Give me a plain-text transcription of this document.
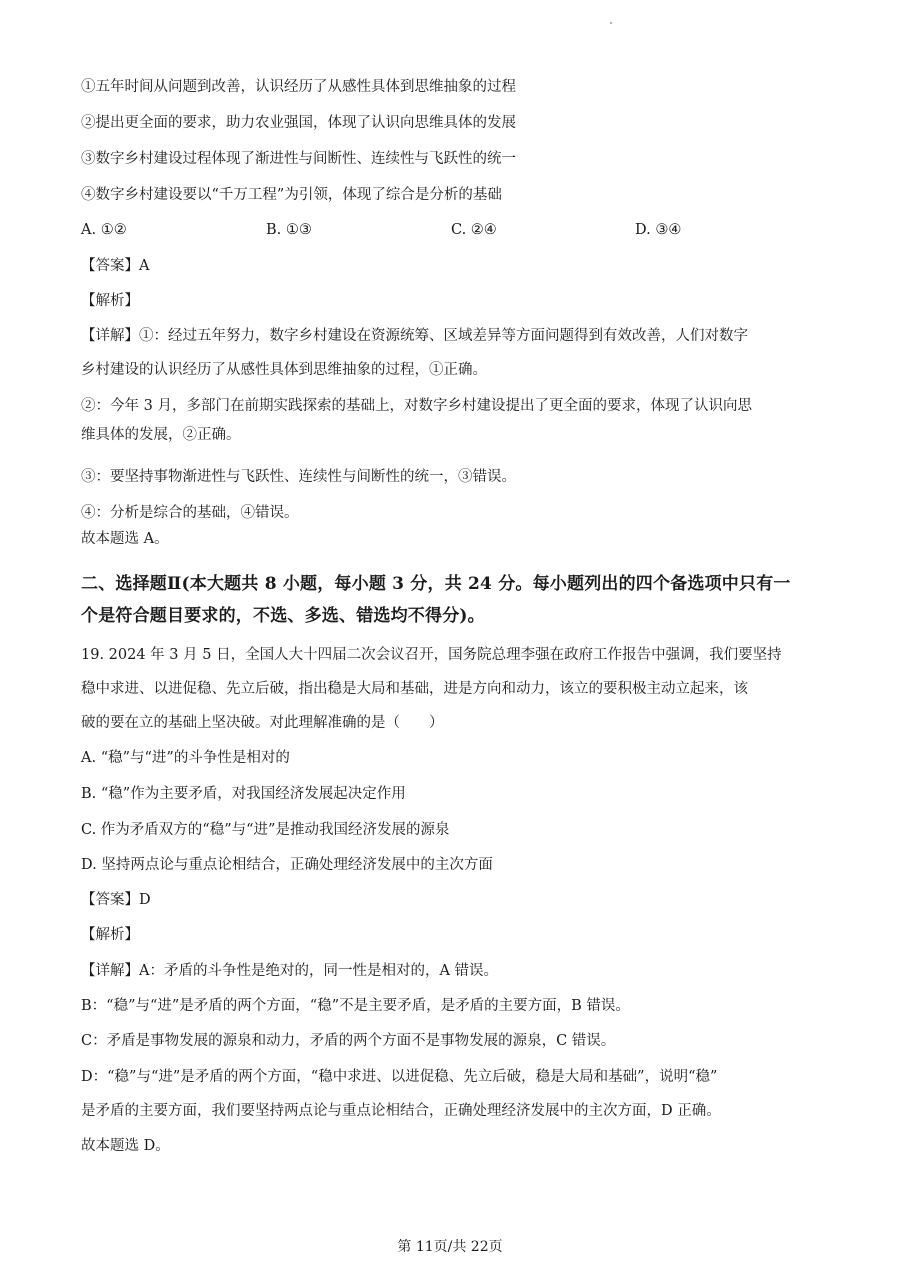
①五年时间从问题到改善，认识经历了从感性具体到思维抽象的过程
②提出更全面的要求，助力农业强国，体现了认识向思维具体的发展
③数字乡村建设过程体现了渐进性与间断性、连续性与飞跃性的统一
④数字乡村建设要以“千万工程”为引领，体现了综合是分析的基础
A. ①②	B. ①③	C. ②④	D. ③④
【答案】A
【解析】
【详解】①：经过五年努力，数字乡村建设在资源统筹、区域差异等方面问题得到有效改善，人们对数字
乡村建设的认识经历了从感性具体到思维抽象的过程，①正确。
②：今年 3 月，多部门在前期实践探索的基础上，对数字乡村建设提出了更全面的要求，体现了认识向思
维具体的发展，②正确。
③：要坚持事物渐进性与飞跃性、连续性与间断性的统一，③错误。
④：分析是综合的基础，④错误。
故本题选 A。
二、选择题Ⅱ(本大题共 8 小题，每小题 3 分，共 24 分。每小题列出的四个备选项中只有一
个是符合题目要求的，不选、多选、错选均不得分)。
19. 2024 年 3 月 5 日，全国人大十四届二次会议召开，国务院总理李强在政府工作报告中强调，我们要坚持
稳中求进、以进促稳、先立后破，指出稳是大局和基础，进是方向和动力，该立的要积极主动立起来，该
破的要在立的基础上坚决破。对此理解准确的是（　　）
A. “稳”与“进”的斗争性是相对的
B. “稳”作为主要矛盾，对我国经济发展起决定作用
C. 作为矛盾双方的“稳”与“进”是推动我国经济发展的源泉
D. 坚持两点论与重点论相结合，正确处理经济发展中的主次方面
【答案】D
【解析】
【详解】A：矛盾的斗争性是绝对的，同一性是相对的，A 错误。
B：“稳”与“进”是矛盾的两个方面，“稳”不是主要矛盾，是矛盾的主要方面，B 错误。
C：矛盾是事物发展的源泉和动力，矛盾的两个方面不是事物发展的源泉，C 错误。
D：“稳”与“进”是矛盾的两个方面，“稳中求进、以进促稳、先立后破，稳是大局和基础”，说明“稳”
是矛盾的主要方面，我们要坚持两点论与重点论相结合，正确处理经济发展中的主次方面，D 正确。
故本题选 D。
第 11页/共 22页
